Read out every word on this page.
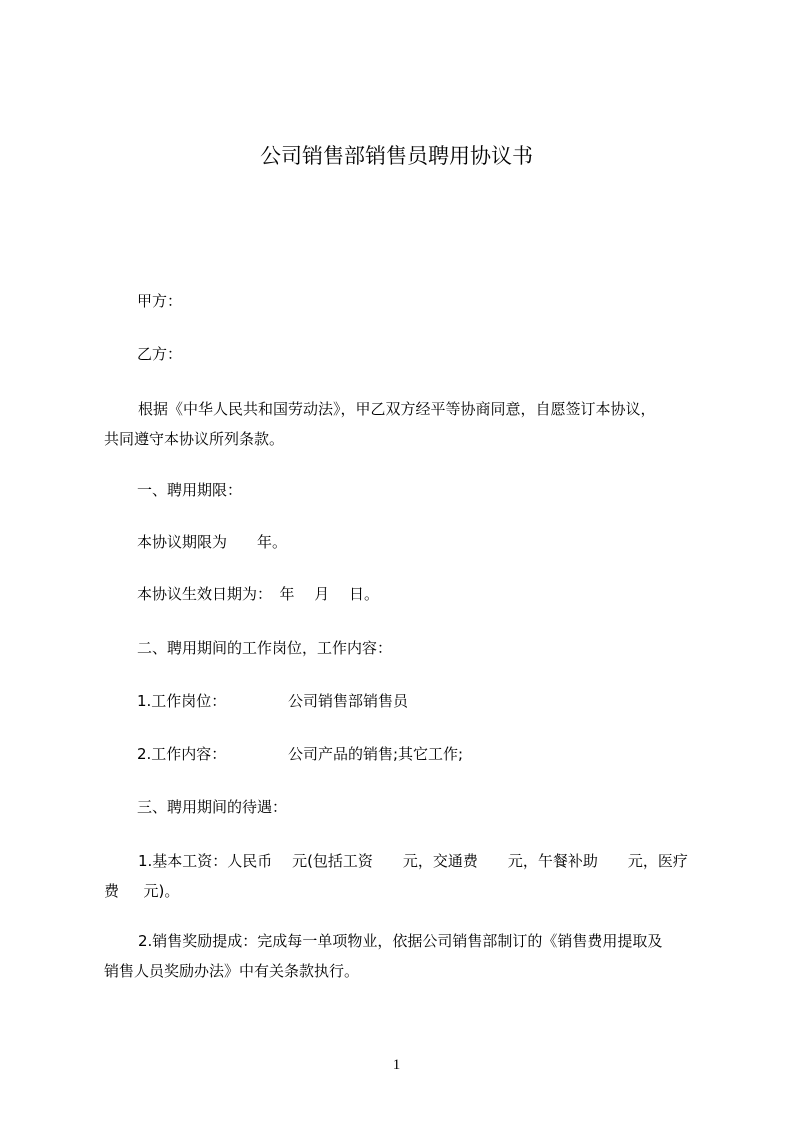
公司销售部销售员聘用协议书
甲方：
乙方：
根据《中华人民共和国劳动法》，甲乙双方经平等协商同意，自愿签订本协议，
共同遵守本协议所列条款。
一、聘用期限：
本协议期限为　　年。
本协议生效日期为：　年　 月　 日。
二、聘用期间的工作岗位，工作内容：
1.工作岗位：	公司销售部销售员
2.工作内容：	公司产品的销售;其它工作;
三、聘用期间的待遇：
1.基本工资：人民币　 元(包括工资　　元，交通费　　元，午餐补助　　元，医疗
费　  元)。
2.销售奖励提成：完成每一单项物业，依据公司销售部制订的《销售费用提取及
销售人员奖励办法》中有关条款执行。
1
